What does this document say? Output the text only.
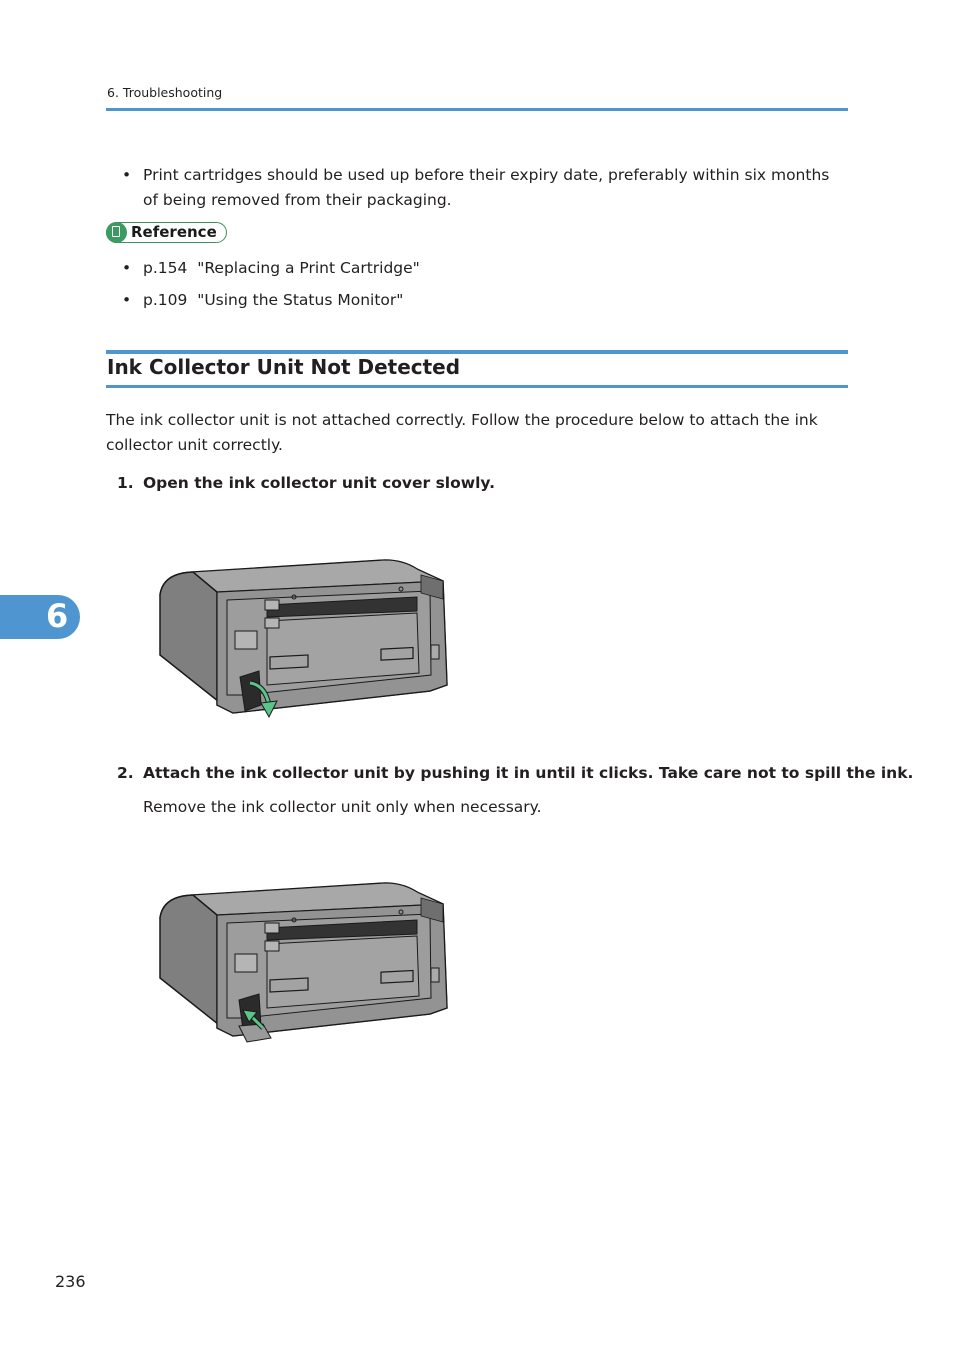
6. Troubleshooting
• Print cartridges should be used up before their expiry date, preferably within six months of being removed from their packaging.
Reference
• p.154  "Replacing a Print Cartridge"
• p.109  "Using the Status Monitor"
Ink Collector Unit Not Detected
The ink collector unit is not attached correctly. Follow the procedure below to attach the ink collector unit correctly.
1. Open the ink collector unit cover slowly.
2. Attach the ink collector unit by pushing it in until it clicks. Take care not to spill the ink.
Remove the ink collector unit only when necessary.
6
236
